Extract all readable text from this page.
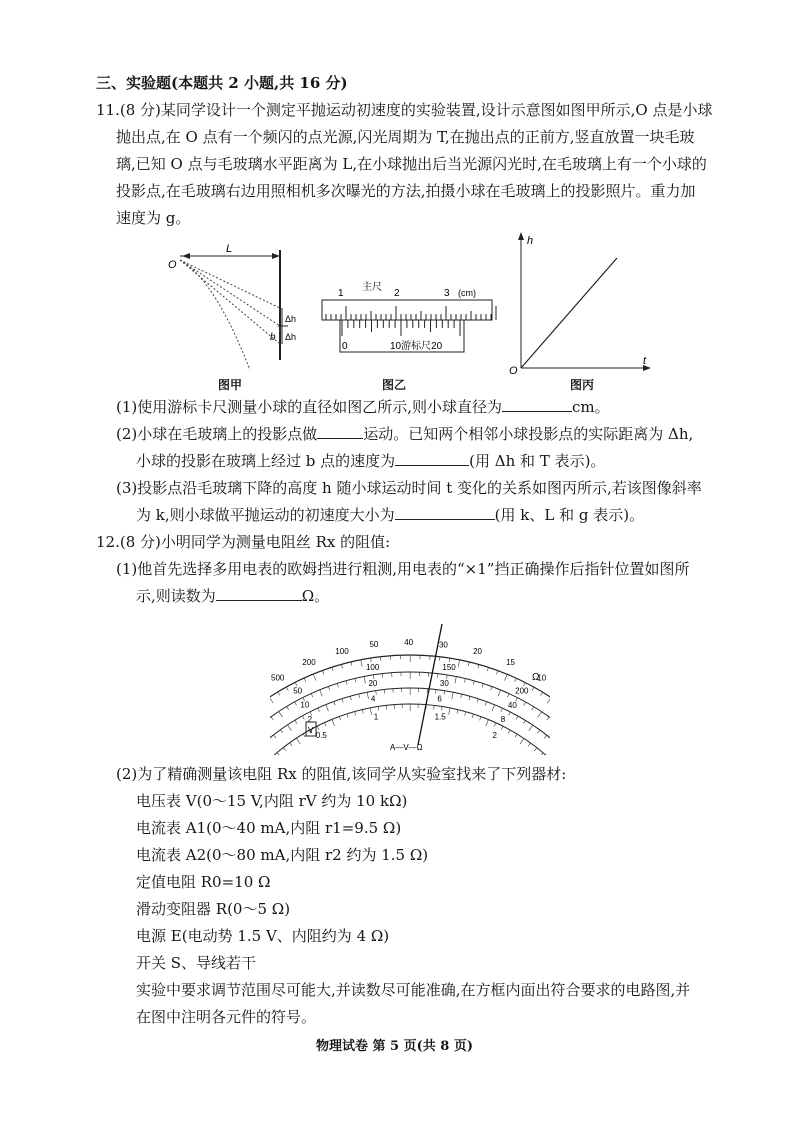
三、实验题(本题共 2 小题,共 16 分)
11.(8 分)某同学设计一个测定平抛运动初速度的实验装置,设计示意图如图甲所示,O 点是小球
抛出点,在 O 点有一个频闪的点光源,闪光周期为 T,在抛出点的正前方,竖直放置一块毛玻
璃,已知 O 点与毛玻璃水平距离为 L,在小球抛出后当光源闪光时,在毛玻璃上有一个小球的
投影点,在毛玻璃右边用照相机多次曝光的方法,拍摄小球在毛玻璃上的投影照片。重力加
速度为 g。
O
L
b
Δh
Δh
图甲
1
主尺
2	3 (cm)
0	10游标尺20
图乙
h
t
O
图丙
(1)使用游标卡尺测量小球的直径如图乙所示,则小球直径为	cm。
(2)小球在毛玻璃上的投影点做	运动。已知两个相邻小球投影点的实际距离为 Δh,
小球的投影在玻璃上经过 b 点的速度为	(用 Δh 和 T 表示)。
(3)投影点沿毛玻璃下降的高度 h 随小球运动时间 t 变化的关系如图丙所示,若该图像斜率
为 k,则小球做平抛运动的初速度大小为	(用 k、L 和 g 表示)。
12.(8 分)小明同学为测量电阻丝 Rx 的阻值:
(1)他首先选择多用电表的欧姆挡进行粗测,用电表的“×1”挡正确操作后指针位置如图所
示,则读数为	Ω。
500
200
100
50	40	30
20
15
10
50
100	150
200
10
20	30
40
2
4	6
8
0.5
1	1.5
2
Ω
V
A—V—Ω
(2)为了精确测量该电阻 Rx 的阻值,该同学从实验室找来了下列器材:
电压表 V(0～15 V,内阻 rV 约为 10 kΩ)
电流表 A1(0～40 mA,内阻 r1=9.5 Ω)
电流表 A2(0～80 mA,内阻 r2 约为 1.5 Ω)
定值电阻 R0=10 Ω
滑动变阻器 R(0～5 Ω)
电源 E(电动势 1.5 V、内阻约为 4 Ω)
开关 S、导线若干
实验中要求调节范围尽可能大,并读数尽可能准确,在方框内面出符合要求的电路图,并
在图中注明各元件的符号。
物理试卷 第 5 页(共 8 页)
